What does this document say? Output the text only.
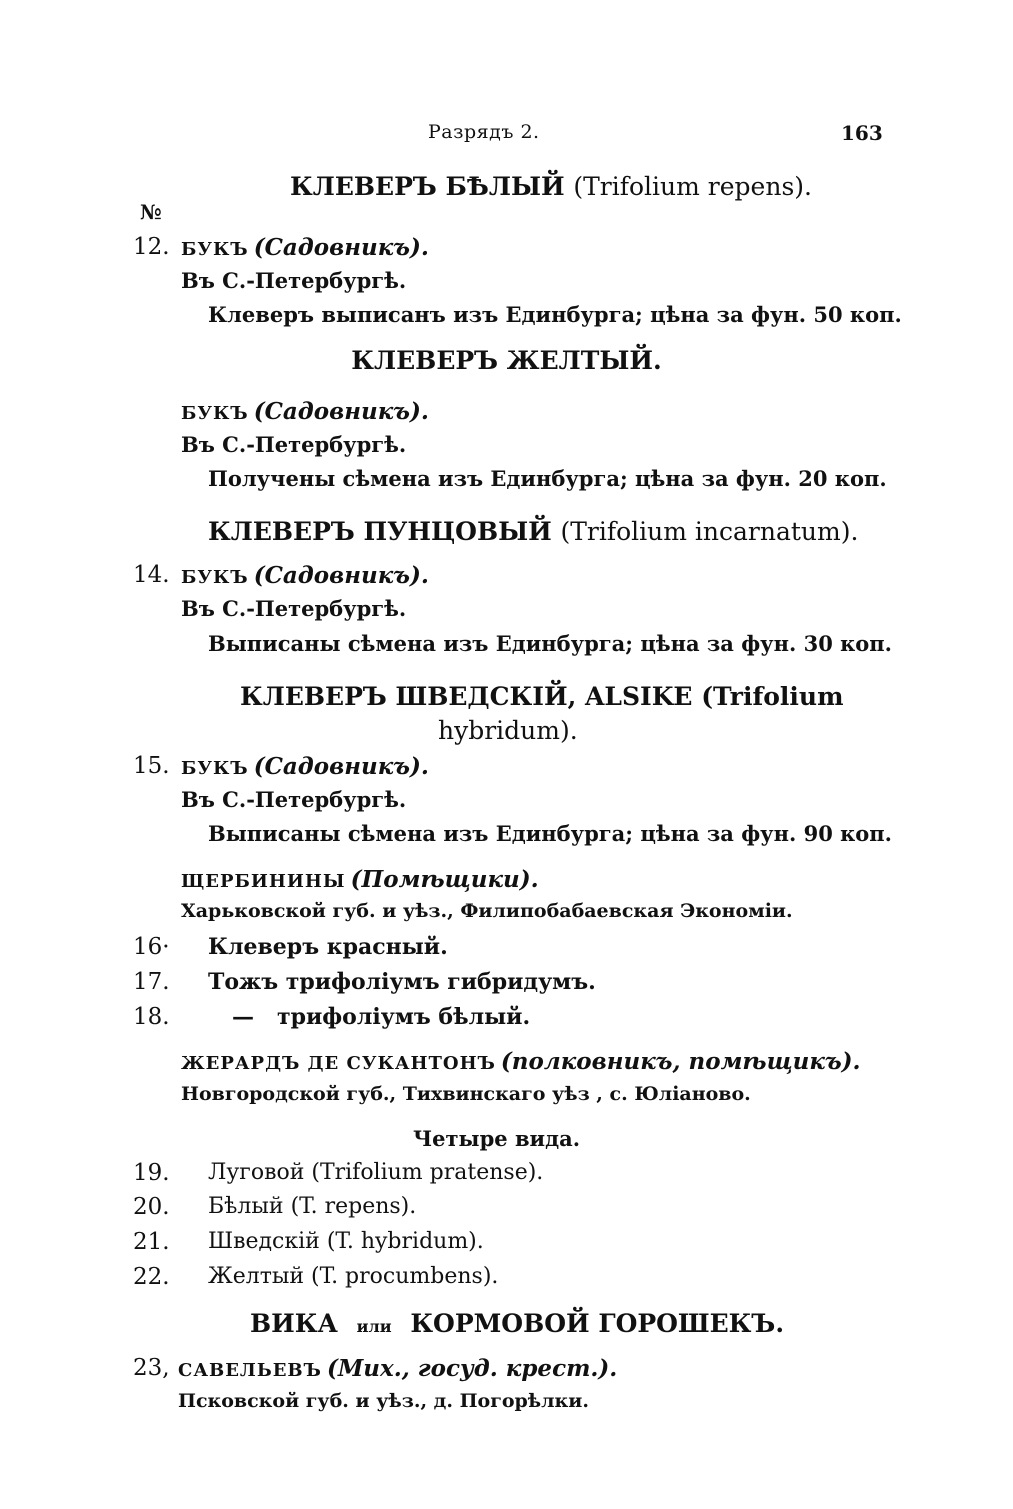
Разрядъ 2.	163
КЛЕВЕРЪ БѢЛЫЙ (Trifolium repens).
№
12. БУКЪ (Садовникъ).
Въ С.-Петербургѣ.
Клеверъ выписанъ изъ Единбурга; цѣна за фун. 50 коп.
КЛЕВЕРЪ ЖЕЛТЫЙ.
БУКЪ (Садовникъ).
Въ С.-Петербургѣ.
Получены сѣмена изъ Единбурга; цѣна за фун. 20 коп.
КЛЕВЕРЪ ПУНЦОВЫЙ (Trifolium incarnatum).
14. БУКЪ (Садовникъ).
Въ С.-Петербургѣ.
Выписаны сѣмена изъ Единбурга; цѣна за фун. 30 коп.
КЛЕВЕРЪ ШВЕДСКІЙ, ALSIKE (Trifolium
hybridum).
15. БУКЪ (Садовникъ).
Въ С.-Петербургѣ.
Выписаны сѣмена изъ Единбурга; цѣна за фун. 90 коп.
ЩЕРБИНИНЫ (Помѣщики).
Харьковской губ. и уѣз., Филипобабаевская Экономіи.
16· Клеверъ красный.
17. Тожъ трифоліумъ гибридумъ.
18.	—   трифоліумъ бѣлый.
ЖЕРАРДЪ ДЕ СУКАНТОНЪ (полковникъ, помѣщикъ).
Новгородской губ., Тихвинскаго уѣз , с. Юліаново.
Четыре вида.
19. Луговой (Trifolium pratense).
20. Бѣлый (T. repens).
21. Шведскій (T. hybridum).
22. Желтый (T. procumbens).
ВИКА или КОРМОВОЙ ГОРОШЕКЪ.
23, САВЕЛЬЕВЪ (Мих., госуд. крест.).
Псковской губ. и уѣз., д. Погорѣлки.
